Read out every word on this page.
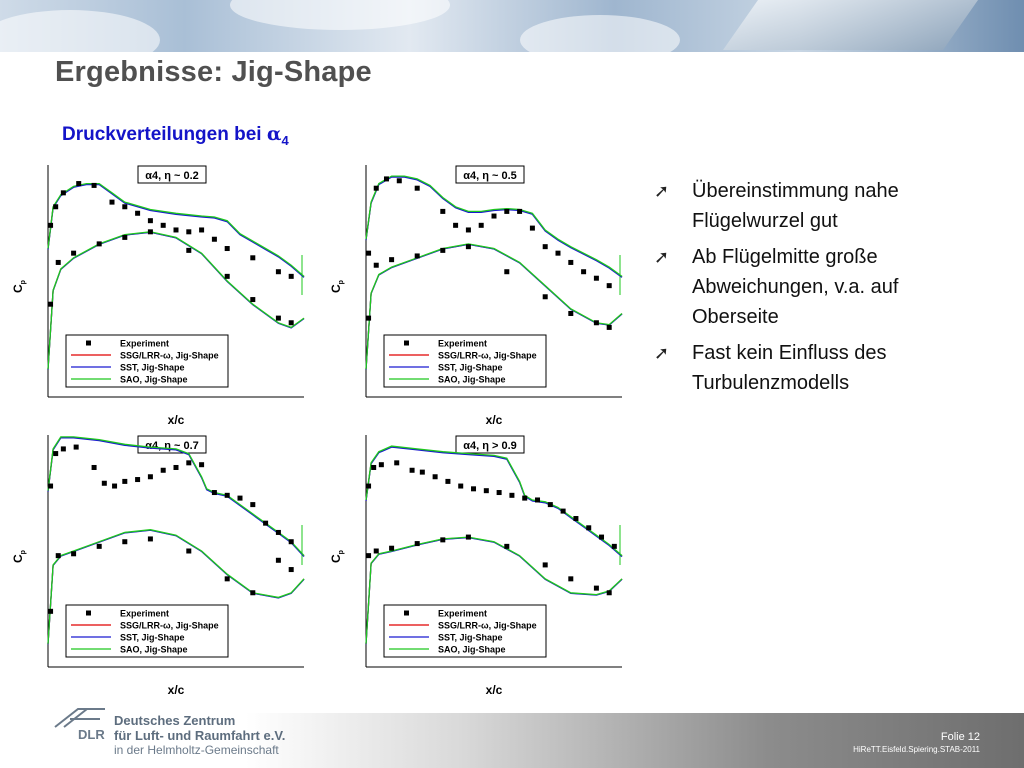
Ergebnisse: Jig-Shape
Druckverteilungen bei $\alpha_4$
α4, η ~ 0.2
Experiment
SSG/LRR-ω, Jig-Shape
SST, Jig-Shape
SAO, Jig-Shape
x/c
$C_p$
α4, η ~ 0.5
Experiment
SSG/LRR-ω, Jig-Shape
SST, Jig-Shape
SAO, Jig-Shape
x/c
$C_p$
α4, η ~ 0.7
Experiment
SSG/LRR-ω, Jig-Shape
SST, Jig-Shape
SAO, Jig-Shape
x/c
$C_p$
α4, η > 0.9
Experiment
SSG/LRR-ω, Jig-Shape
SST, Jig-Shape
SAO, Jig-Shape
x/c
$C_p$
➚ Übereinstimmung nahe Flügelwurzel gut
➚ Ab Flügelmitte große Abweichungen, v.a. auf Oberseite
➚ Fast kein Einfluss des Turbulenzmodells
DLR
Deutsches Zentrum
für Luft- und Raumfahrt e.V.
in der Helmholtz-Gemeinschaft
Folie 12
HiReTT.Eisfeld.Spiering.STAB-2011
